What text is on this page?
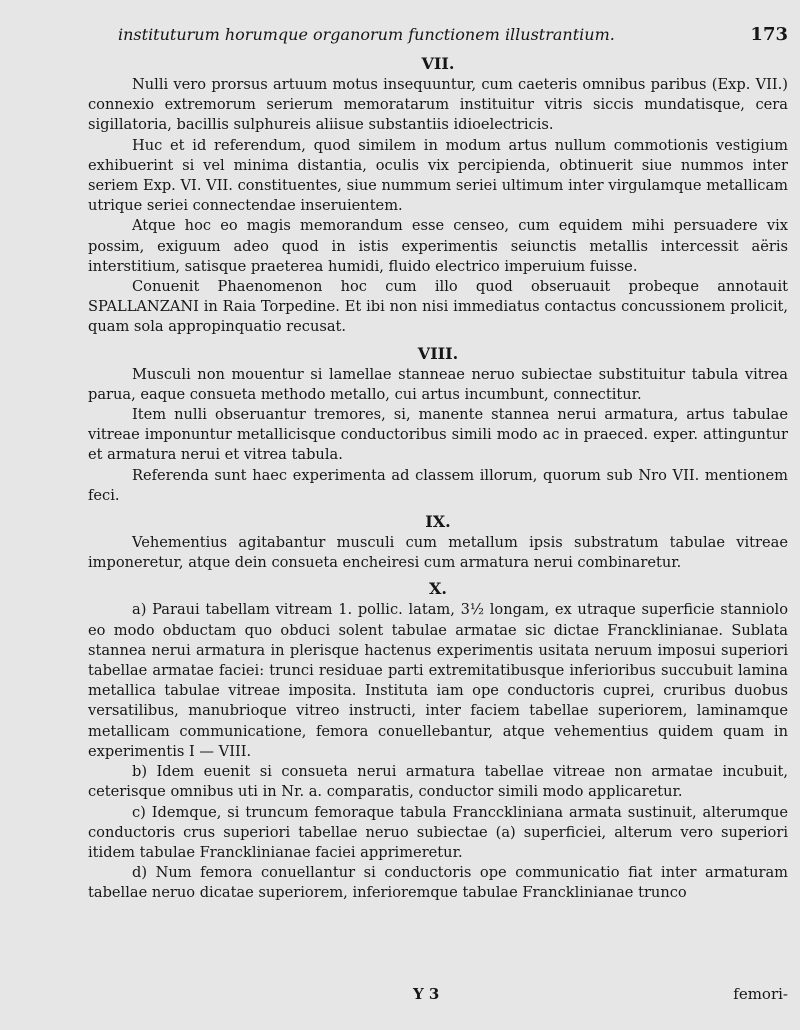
instituturum horumque organorum functionem illustrantium.	173
VII.

Nulli vero prorsus artuum motus insequuntur, cum caeteris omnibus paribus (Exp. VII.) connexio extremorum serierum memoratarum instituitur vitris siccis mundatisque, cera sigillatoria, bacillis sulphureis aliisue substantiis idioelectricis.

Huc et id referendum, quod similem in modum artus nullum commotionis vestigium exhibuerint si vel minima distantia, oculis vix percipienda, obtinuerit siue nummos inter seriem Exp. VI. VII. constituentes, siue nummum seriei ultimum inter virgulamque metallicam utrique seriei connectendae inseruientem.

Atque hoc eo magis memorandum esse censeo, cum equidem mihi persuadere vix possim, exiguum adeo quod in istis experimentis seiunctis metallis intercessit aëris interstitium, satisque praeterea humidi, fluido electrico imperuium fuisse.

Conuenit Phaenomenon hoc cum illo quod obseruauit probeque annotauit SPALLANZANI in Raia Torpedine. Et ibi non nisi immediatus contactus concussionem prolicit, quam sola appropinquatio recusat.

VIII.

Musculi non mouentur si lamellae stanneae neruo subiectae substituitur tabula vitrea parua, eaque consueta methodo metallo, cui artus incumbunt, connectitur.

Item nulli obseruantur tremores, si, manente stannea nerui armatura, artus tabulae vitreae imponuntur metallicisque conductoribus simili modo ac in praeced. exper. attinguntur et armatura nerui et vitrea tabula.

Referenda sunt haec experimenta ad classem illorum, quorum sub Nro VII. mentionem feci.

IX.

Vehementius agitabantur musculi cum metallum ipsis substratum tabulae vitreae imponeretur, atque dein consueta encheiresi cum armatura nerui combinaretur.

X.

a) Paraui tabellam vitream 1. pollic. latam, 3½ longam, ex utraque superficie stanniolo eo modo obductam quo obduci solent tabulae armatae sic dictae Francklinianae. Sublata stannea nerui armatura in plerisque hactenus experimentis usitata neruum imposui superiori tabellae armatae faciei: trunci residuae parti extremitatibusque inferioribus succubuit lamina metallica tabulae vitreae imposita. Instituta iam ope conductoris cuprei, cruribus duobus versatilibus, manubrioque vitreo instructi, inter faciem tabellae superiorem, laminamque metallicam communicatione, femora conuellebantur, atque vehementius quidem quam in experimentis I — VIII.

b) Idem euenit si consueta nerui armatura tabellae vitreae non armatae incubuit, ceterisque omnibus uti in Nr. a. comparatis, conductor simili modo applicaretur.

c) Idemque, si truncum femoraque tabula Francckliniana armata sustinuit, alterumque conductoris crus superiori tabellae neruo subiectae (a) superficiei, alterum vero superiori itidem tabulae Francklinianae faciei apprimeretur.

d) Num femora conuellantur si conductoris ope communicatio fiat inter armaturam tabellae neruo dicatae superiorem, inferioremque tabulae Francklinianae trunco

Y 3	femori-
